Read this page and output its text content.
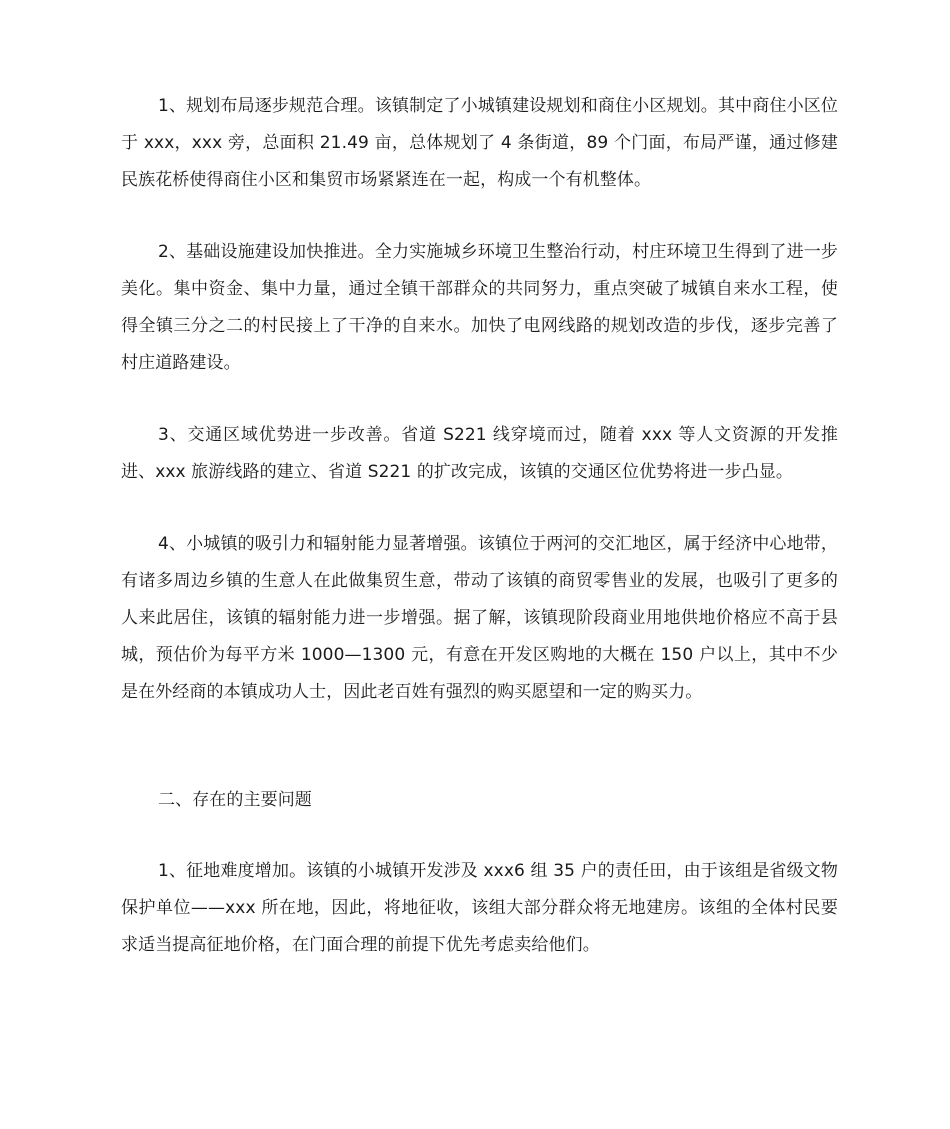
1、规划布局逐步规范合理。该镇制定了小城镇建设规划和商住小区规划。其中商住小区位于 xxx，xxx 旁，总面积 21.49 亩，总体规划了 4 条街道，89 个门面，布局严谨，通过修建民族花桥使得商住小区和集贸市场紧紧连在一起，构成一个有机整体。

2、基础设施建设加快推进。全力实施城乡环境卫生整治行动，村庄环境卫生得到了进一步美化。集中资金、集中力量，通过全镇干部群众的共同努力，重点突破了城镇自来水工程，使得全镇三分之二的村民接上了干净的自来水。加快了电网线路的规划改造的步伐，逐步完善了村庄道路建设。

3、交通区域优势进一步改善。省道 S221 线穿境而过，随着 xxx 等人文资源的开发推进、xxx 旅游线路的建立、省道 S221 的扩改完成，该镇的交通区位优势将进一步凸显。

4、小城镇的吸引力和辐射能力显著增强。该镇位于两河的交汇地区，属于经济中心地带，有诸多周边乡镇的生意人在此做集贸生意，带动了该镇的商贸零售业的发展，也吸引了更多的人来此居住，该镇的辐射能力进一步增强。据了解，该镇现阶段商业用地供地价格应不高于县城，预估价为每平方米 1000—1300 元，有意在开发区购地的大概在 150 户以上，其中不少是在外经商的本镇成功人士，因此老百姓有强烈的购买愿望和一定的购买力。

二、存在的主要问题

1、征地难度增加。该镇的小城镇开发涉及 xxx6 组 35 户的责任田，由于该组是省级文物保护单位——xxx 所在地，因此，将地征收，该组大部分群众将无地建房。该组的全体村民要求适当提高征地价格，在门面合理的前提下优先考虑卖给他们。
